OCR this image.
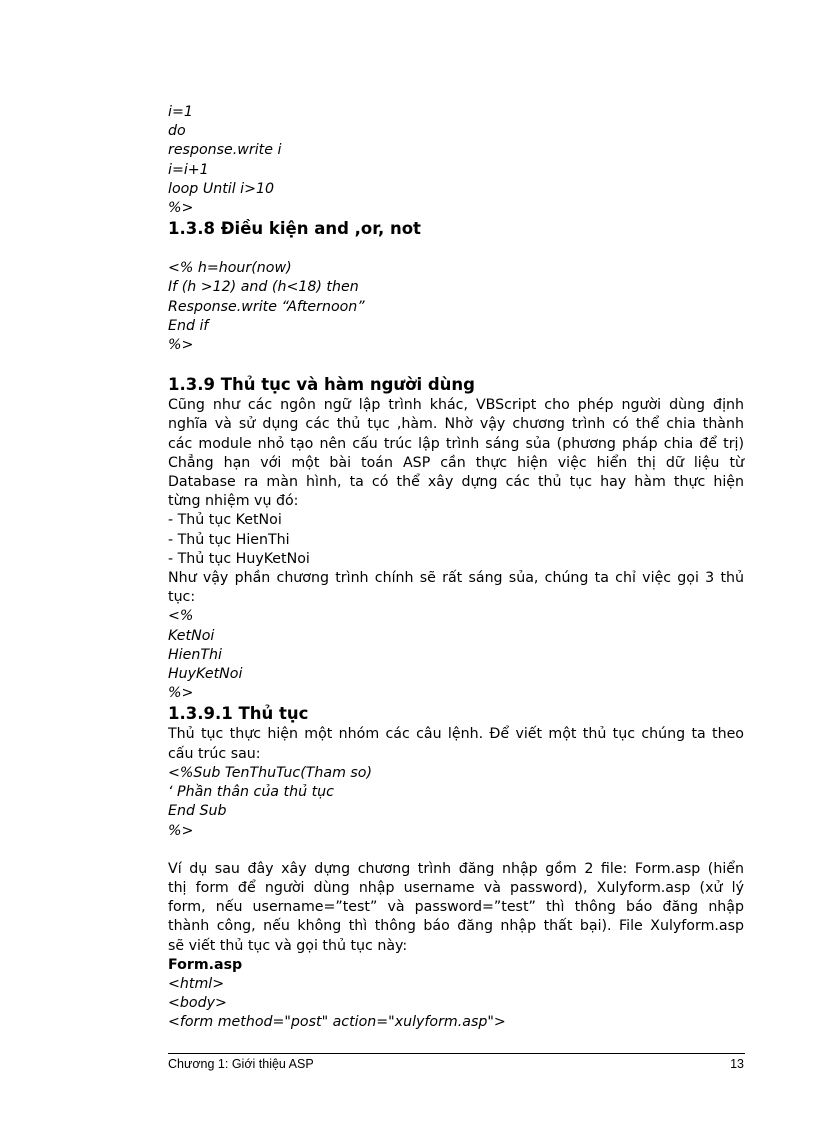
i=1
do
response.write i
i=i+1
loop Until i>10
%>
1.3.8 Điều kiện and ,or, not
<% h=hour(now)
If (h >12) and (h<18) then
Response.write “Afternoon”
End if
%>
1.3.9 Thủ tục và hàm người dùng
Cũng như các ngôn ngữ lập trình khác, VBScript cho phép người dùng định
nghĩa và sử dụng các thủ tục ,hàm. Nhờ vậy chương trình có thể chia thành
các module nhỏ tạo nên cấu trúc lập trình sáng sủa (phương pháp chia để trị)
Chẳng hạn với một bài toán ASP cần thực hiện việc hiển thị dữ liệu từ
Database ra màn hình, ta có thể xây dựng các thủ tục hay hàm thực hiện
từng nhiệm vụ đó:
- Thủ tục KetNoi
- Thủ tục HienThi
- Thủ tục HuyKetNoi
Như vậy phần chương trình chính sẽ rất sáng sủa, chúng ta chỉ việc gọi 3 thủ
tục:
<%
KetNoi
HienThi
HuyKetNoi
%>
1.3.9.1 Thủ tục
Thủ tục thực hiện một nhóm các câu lệnh. Để viết một thủ tục chúng ta theo
cấu trúc sau:
<%Sub TenThuTuc(Tham so)
‘ Phần thân của thủ tục
End Sub
%>
Ví dụ sau đây xây dựng chương trình đăng nhập gồm 2 file: Form.asp (hiển
thị form để người dùng nhập username và password), Xulyform.asp (xử lý
form, nếu username=”test” và password=”test” thì thông báo đăng nhập
thành công, nếu không thì thông báo đăng nhập thất bại). File Xulyform.asp
sẽ viết thủ tục và gọi thủ tục này:
Form.asp
<html>
<body>
<form method="post" action="xulyform.asp">
Chương 1: Giới thiệu ASP	13
